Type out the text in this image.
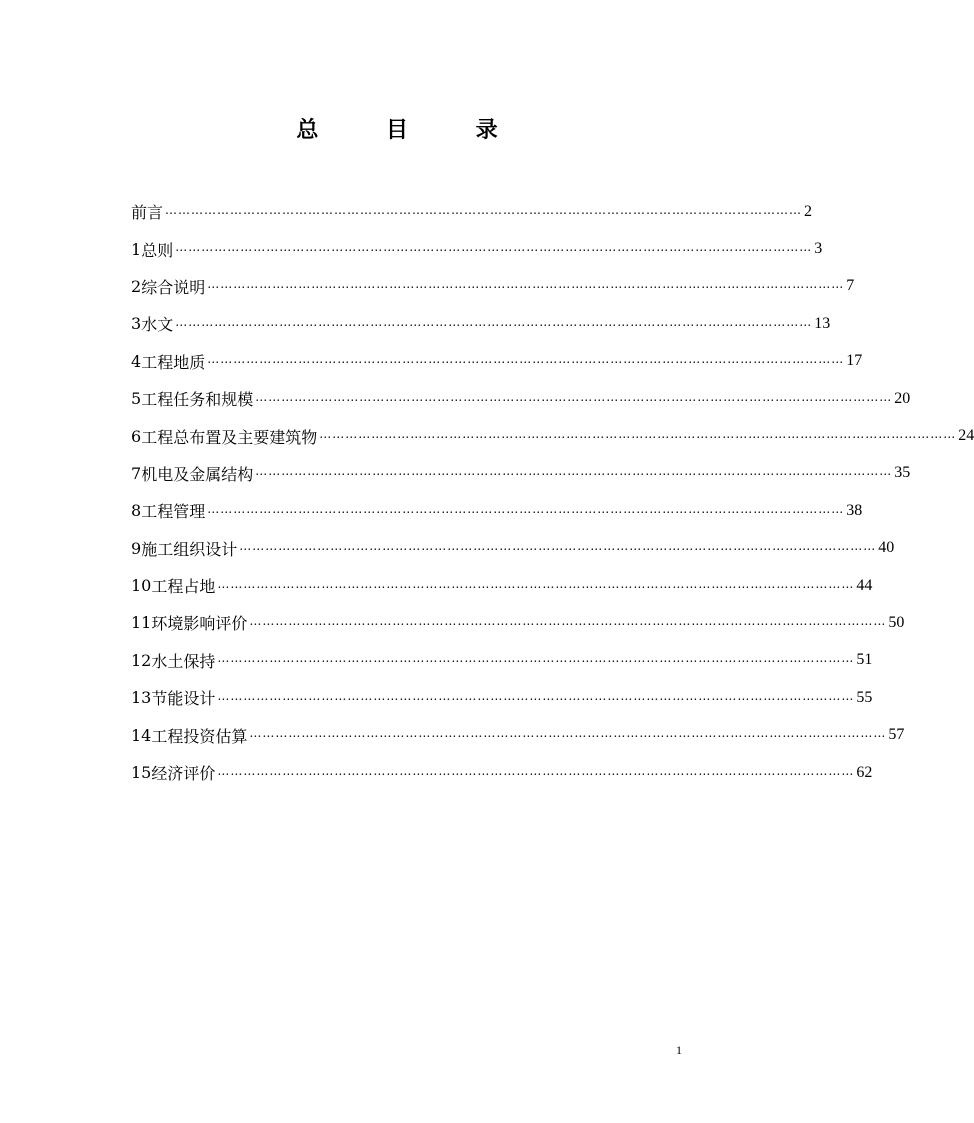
总 目 录
前言 ………………………………………………………………………………………………………………………………… 2
1 总则 ………………………………………………………………………………………………………………………………… 3
2 综合说明 ………………………………………………………………………………………………………………………………… 7
3 水文 ………………………………………………………………………………………………………………………………… 13
4 工程地质 ………………………………………………………………………………………………………………………………… 17
5 工程任务和规模 ………………………………………………………………………………………………………………………………… 20
6 工程总布置及主要建筑物 ………………………………………………………………………………………………………………………………… 24
7 机电及金属结构 ………………………………………………………………………………………………………………………………… 35
8 工程管理 ………………………………………………………………………………………………………………………………… 38
9 施工组织设计 ………………………………………………………………………………………………………………………………… 40
10 工程占地 ………………………………………………………………………………………………………………………………… 44
11 环境影响评价 ………………………………………………………………………………………………………………………………… 50
12 水土保持 ………………………………………………………………………………………………………………………………… 51
13 节能设计 ………………………………………………………………………………………………………………………………… 55
14 工程投资估算 ………………………………………………………………………………………………………………………………… 57
15 经济评价 ………………………………………………………………………………………………………………………………… 62
1
